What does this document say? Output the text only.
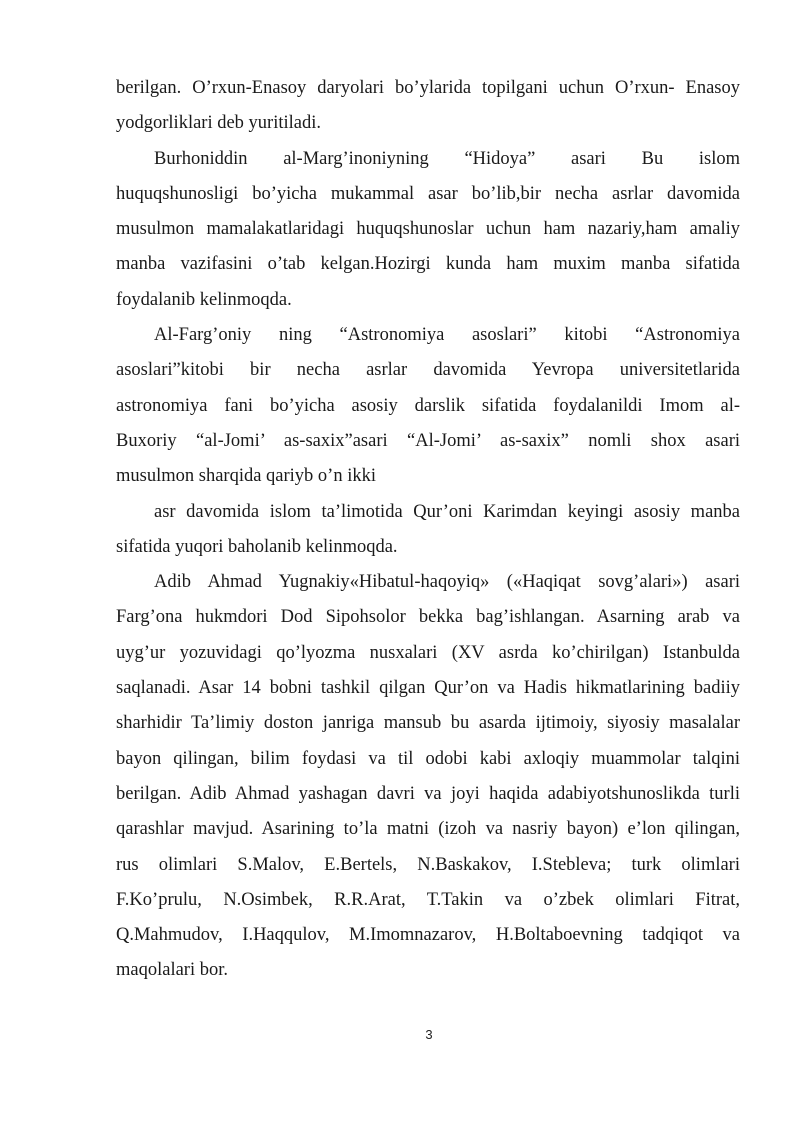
berilgan. O’rxun-Enasoy daryolari bo’ylarida topilgani uchun O’rxun- Enasoy
yodgorliklari deb yuritiladi.
Burhoniddin al-Marg’inoniyning “Hidoya” asari Bu islom
huquqshunosligi bo’yicha mukammal asar bo’lib,bir necha asrlar davomida
musulmon mamalakatlaridagi huquqshunoslar uchun ham nazariy,ham amaliy
manba vazifasini o’tab kelgan.Hozirgi kunda ham muxim manba sifatida
foydalanib kelinmoqda.
Al-Farg’oniy ning “Astronomiya asoslari” kitobi “Astronomiya
asoslari”kitobi bir necha asrlar davomida Yevropa universitetlarida
astronomiya fani bo’yicha asosiy darslik sifatida foydalanildi Imom al-
Buxoriy “al-Jomi’ as-saxix”asari “Al-Jomi’ as-saxix” nomli shox asari
musulmon sharqida qariyb o’n ikki
asr davomida islom ta’limotida Qur’oni Karimdan keyingi asosiy manba
sifatida yuqori baholanib kelinmoqda.
Adib Ahmad Yugnakiy«Hibatul-haqoyiq» («Haqiqat sovg’alari») asari
Farg’ona hukmdori Dod Sipohsolor bekka bag’ishlangan. Asarning arab va
uyg’ur yozuvidagi qo’lyozma nusxalari (XV asrda ko’chirilgan) Istanbulda
saqlanadi. Asar 14 bobni tashkil qilgan Qur’on va Hadis hikmatlarining badiiy
sharhidir Ta’limiy doston janriga mansub bu asarda ijtimoiy, siyosiy masalalar
bayon qilingan, bilim foydasi va til odobi kabi axloqiy muammolar talqini
berilgan. Adib Ahmad yashagan davri va joyi haqida adabiyotshunoslikda turli
qarashlar mavjud. Asarining to’la matni (izoh va nasriy bayon) e’lon qilingan,
rus olimlari S.Malov, E.Bertels, N.Baskakov, I.Stebleva; turk olimlari
F.Ko’prulu, N.Osimbek, R.R.Arat, T.Takin va o’zbek olimlari Fitrat,
Q.Mahmudov, I.Haqqulov, M.Imomnazarov, H.Boltaboevning tadqiqot va
maqolalari bor.
3
